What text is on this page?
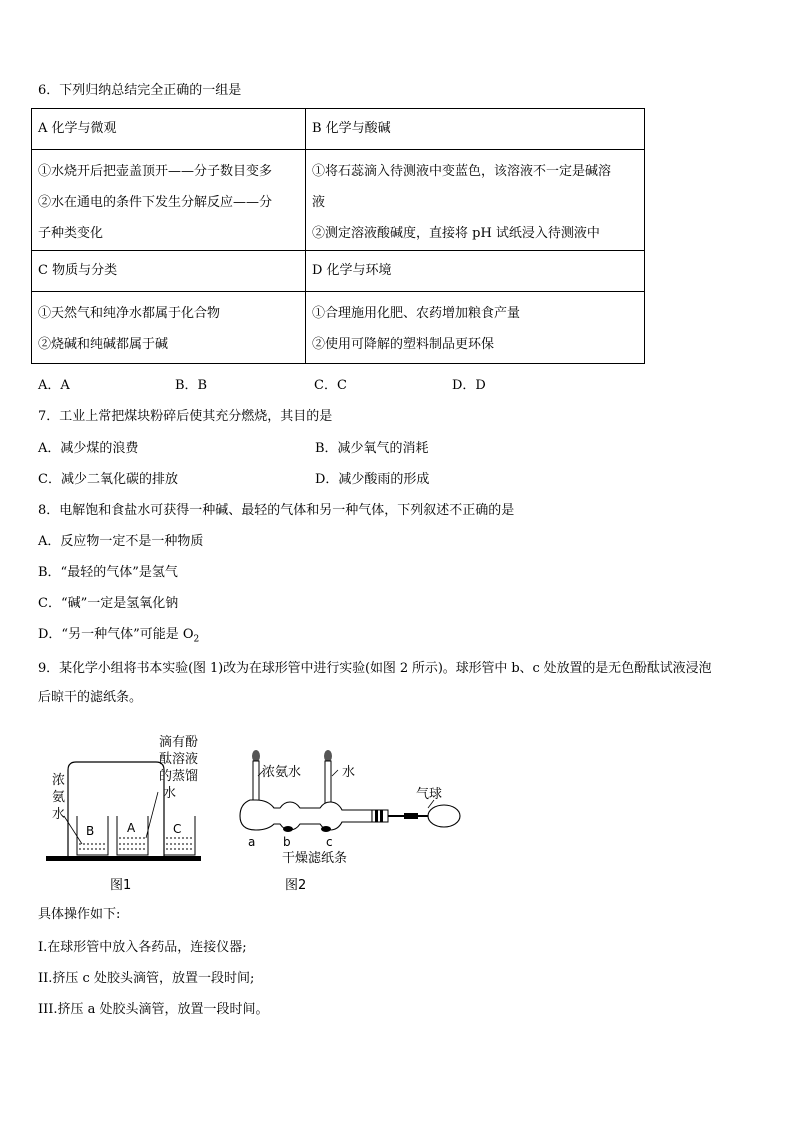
6．下列归纳总结完全正确的一组是
A 化学与微观	B 化学与酸碱

①水烧开后把壶盖顶开——分子数目变多
②水在通电的条件下发生分解反应——分
子种类变化	①将石蕊滴入待测液中变蓝色，该溶液不一定是碱溶
液
②测定溶液酸碱度，直接将 pH 试纸浸入待测液中

C 物质与分类	D 化学与环境

①天然气和纯净水都属于化合物
②烧碱和纯碱都属于碱	①合理施用化肥、农药增加粮食产量
②使用可降解的塑料制品更环保
A．A	B．B	C．C	D．D
7．工业上常把煤块粉碎后使其充分燃烧，其目的是
A．减少煤的浪费	B．减少氧气的消耗
C．减少二氧化碳的排放	D．减少酸雨的形成
8．电解饱和食盐水可获得一种碱、最轻的气体和另一种气体，下列叙述不正确的是
A．反应物一定不是一种物质
B．“最轻的气体”是氢气
C．“碱”一定是氢氧化钠
D．“另一种气体”可能是 $O_2$
9．某化学小组将书本实验(图 1)改为在球形管中进行实验(如图 2 所示)。球形管中 b、c 处放置的是无色酚酞试液浸泡
后晾干的滤纸条。
B	A	C
浓
氨
水
滴有酚
酞溶液
的蒸馏
水
图1
浓氨水	水
气球
a b	c
干燥滤纸条
图2
具体操作如下:
I.在球形管中放入各药品，连接仪器;
II.挤压 c 处胶头滴管，放置一段时间;
III.挤压 a 处胶头滴管，放置一段时间。
